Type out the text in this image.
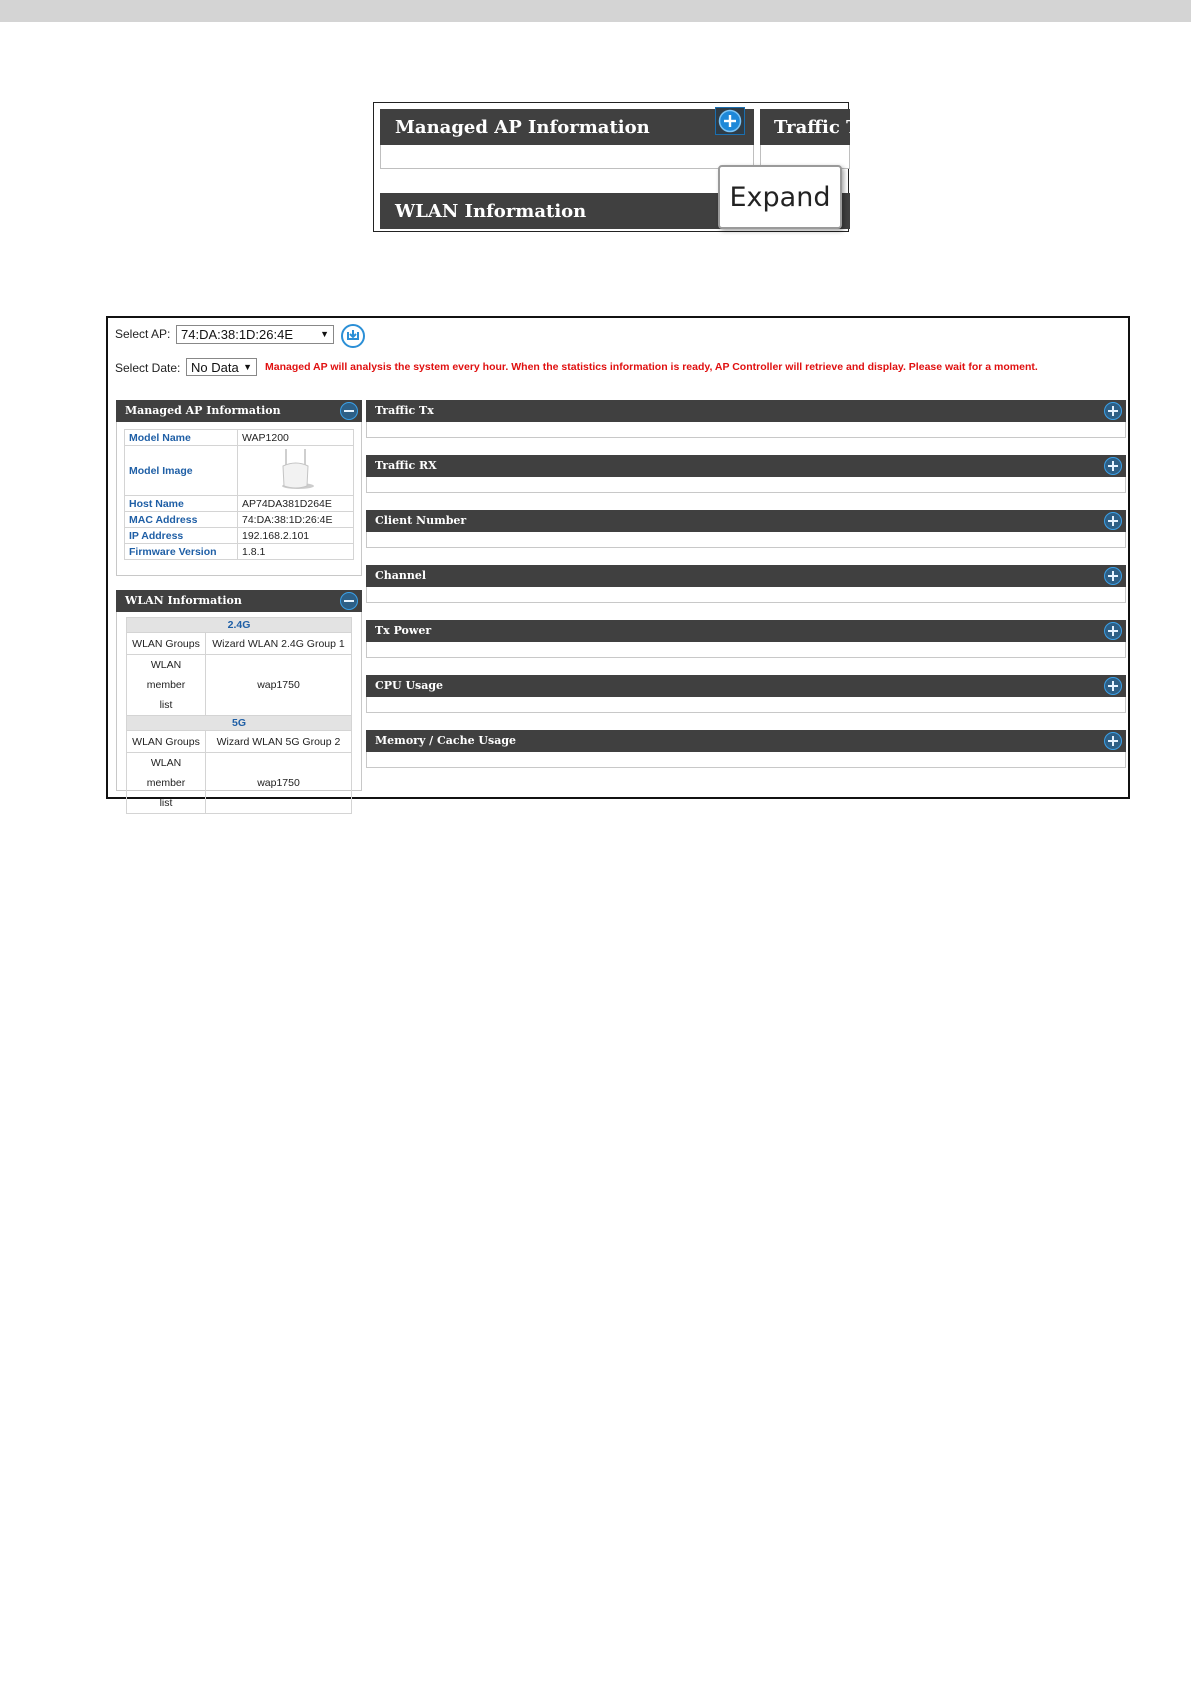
Managed AP Information	Traffic T
WLAN Information	Expand
Select AP: 74:DA:38:1D:26:4E	▼
Select Date: No Data ▼ Managed AP will analysis the system every hour. When the statistics information is ready, AP Controller will retrieve and display. Please wait for a moment.
Managed AP Information
Model Name	WAP1200
Model Image	
Host Name	AP74DA381D264E
MAC Address	74:DA:38:1D:26:4E
IP Address	192.168.2.101
Firmware Version	1.8.1
WLAN Information
2.4G	
WLAN Groups	Wizard WLAN 2.4G Group 1

WLAN member
list	wap1750
5G	
WLAN Groups	Wizard WLAN 5G Group 2

WLAN member
list	wap1750
Traffic Tx
Traffic RX
Client Number
Channel
Tx Power
CPU Usage
Memory / Cache Usage
